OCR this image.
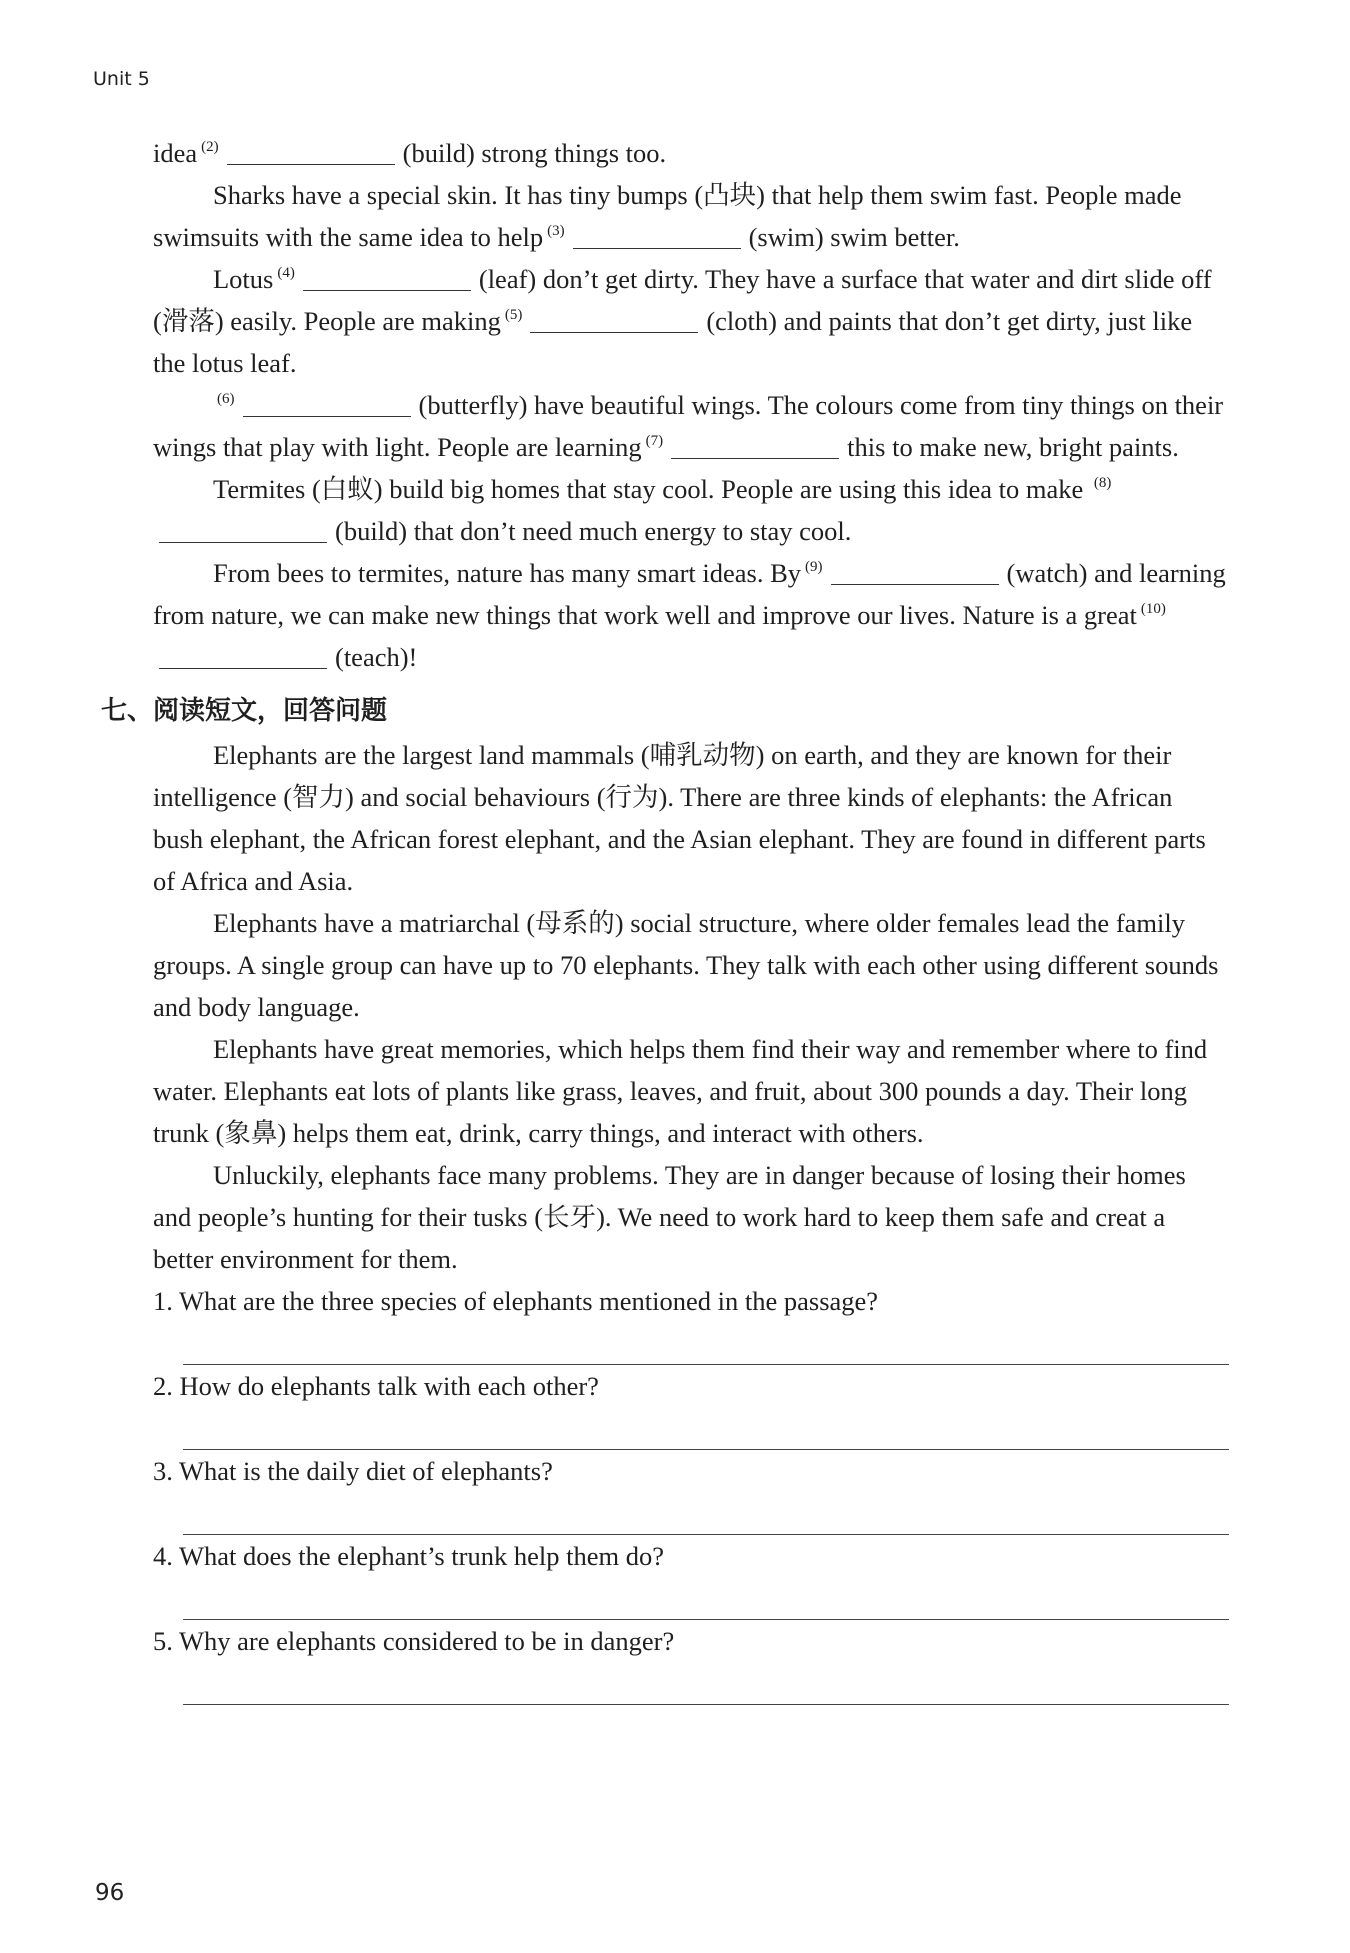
Unit 5

idea $^{(2)}$	(build) strong things too.

Sharks have a special skin. It has tiny bumps (凸块) that help them swim fast. People made swimsuits with the same idea to help $^{(3)}$	(swim) swim better.

Lotus $^{(4)}$	(leaf) don’t get dirty. They have a surface that water and dirt slide off (滑落) easily. People are making $^{(5)}$	(cloth) and paints that don’t get dirty, just like the lotus leaf.

$^{(6)}$	(butterfly) have beautiful wings. The colours come from tiny things on their wings that play with light. People are learning $^{(7)}$	this to make new, bright paints.

Termites (白蚁) build big homes that stay cool. People are using this idea to make $^{(8)}$(build) that don’t need much energy to stay cool.

From bees to termites, nature has many smart ideas. By $^{(9)}$	(watch) and learning from nature, we can make new things that work well and improve our lives. Nature is a great $^{(10)}$(teach)!

七、阅读短文，回答问题

Elephants are the largest land mammals (哺乳动物) on earth, and they are known for their intelligence (智力) and social behaviours (行为). There are three kinds of elephants: the African bush elephant, the African forest elephant, and the Asian elephant. They are found in different parts of Africa and Asia.

Elephants have a matriarchal (母系的) social structure, where older females lead the family groups. A single group can have up to 70 elephants. They talk with each other using different sounds and body language.

Elephants have great memories, which helps them find their way and remember where to find water. Elephants eat lots of plants like grass, leaves, and fruit, about 300 pounds a day. Their long trunk (象鼻) helps them eat, drink, carry things, and interact with others.

Unluckily, elephants face many problems. They are in danger because of losing their homes and people’s hunting for their tusks (长牙). We need to work hard to keep them safe and creat a better environment for them.

1. What are the three species of elephants mentioned in the passage?

2. How do elephants talk with each other?

3. What is the daily diet of elephants?

4. What does the elephant’s trunk help them do?

5. Why are elephants considered to be in danger?

96
